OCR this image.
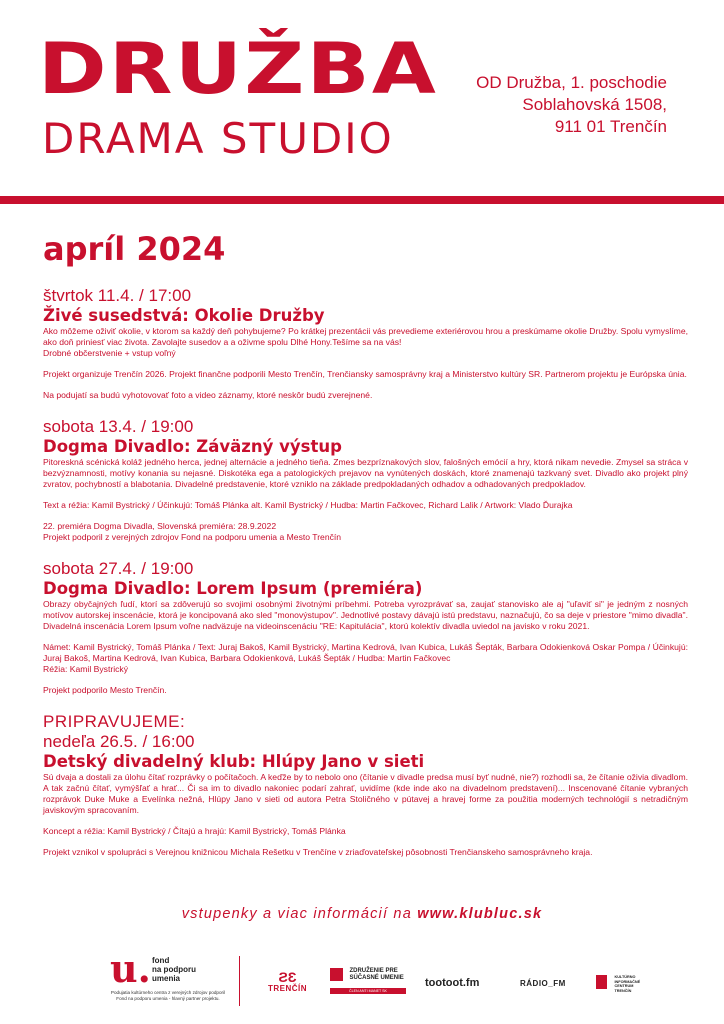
DRUŽBA
DRAMA STUDIO
OD Družba, 1. poschodie
Soblahovská 1508,
911 01 Trenčín
apríl 2024
štvrtok 11.4. / 17:00
Živé susedstvá: Okolie Družby
Ako môžeme oživiť okolie, v ktorom sa každý deň pohybujeme? Po krátkej prezentácii vás prevedieme exteriérovou hrou a preskúmame okolie Družby. Spolu vymyslíme, ako doň priniesť viac života. Zavolajte susedov a a oživme spolu Dlhé Hony.Tešíme sa na vás!
Drobné občerstvenie + vstup voľný
Projekt organizuje Trenčín 2026. Projekt finančne podporili Mesto Trenčín, Trenčiansky samosprávny kraj a Ministerstvo kultúry SR. Partnerom projektu je Európska únia.
Na podujatí sa budú vyhotovovať foto a video záznamy, ktoré neskôr budú zverejnené.
sobota 13.4. / 19:00
Dogma Divadlo: Záväzný výstup
Pitoreskná scénická koláž jedného herca, jednej alternácie a jedného tieňa. Zmes bezpríznakových slov, falošných emócií a hry, ktorá nikam nevedie. Zmysel sa stráca v bezvýznamnosti, motívy konania su nejasné. Diskotéka ega a patologických prejavov na vynútených doskách, ktoré znamenajú tazkvaný svet. Divadlo ako projekt plný zvratov, pochybností a blabotania. Divadelné predstavenie, ktoré vzniklo na základe predpokladaných odhadov a odhadovaných predpokladov.
Text a réžia: Kamil Bystrický / Účinkujú: Tomáš Plánka alt. Kamil Bystrický / Hudba: Martin Fačkovec, Richard Lalik / Artwork: Vlado Ďurajka
22. premiéra Dogma Divadla, Slovenská premiéra: 28.9.2022
Projekt podporil z verejných zdrojov Fond na podporu umenia a Mesto Trenčín
sobota 27.4. / 19:00
Dogma Divadlo: Lorem Ipsum (premiéra)
Obrazy obyčajných ľudí, ktorí sa zdôverujú so svojimi osobnými životnými príbehmi. Potreba vyrozprávať sa, zaujať stanovisko ale aj "uľaviť si" je jedným z nosných motívov autorskej inscenácie, ktorá je koncipovaná ako sled "monovýstupov". Jednotlivé postavy dávajú istú predstavu, naznačujú, čo sa deje v priestore "mimo divadla". Divadelná inscenácia Lorem Ipsum voľne nadväzuje na videoinscenáciu "RE: Kapitulácia", ktorú kolektív divadla uviedol na javisko v roku 2021.
Námet: Kamil Bystrický, Tomáš Plánka / Text: Juraj Bakoš, Kamil Bystrický, Martina Kedrová, Ivan Kubica, Lukáš Šepták, Barbara Odokienková Oskar Pompa / Účinkujú: Juraj Bakoš, Martina Kedrová, Ivan Kubica, Barbara Odokienková, Lukáš Šepták / Hudba: Martin Fačkovec
Réžia: Kamil Bystrický
Projekt podporilo Mesto Trenčín.
PRIPRAVUJEME:
nedeľa 26.5. / 16:00
Detský divadelný klub: Hlúpy Jano v sieti
Sú dvaja a dostali za úlohu čítať rozprávky o počítačoch. A keďže by to nebolo ono (čítanie v divadle predsa musí byť nudné, nie?) rozhodli sa, že čítanie oživia divadlom. A tak začnú čítať, vymýšľať a hrať... Či sa im to divadlo nakoniec podarí zahrať, uvidíme (kde inde ako na divadelnom predstavení)... Inscenované čítanie vybraných rozprávok Duke Muke a Evelínka nežná, Hlúpy Jano v sieti od autora Petra Stoličného v pútavej a hravej forme za použitia moderných technológií s netradičným javiskovým spracovaním.
Koncept a réžia: Kamil Bystrický / Čítajú a hrajú: Kamil Bystrický, Tomáš Plánka
Projekt vznikol v spolupráci s Verejnou knižnicou Michala Rešetku v Trenčíne v zriaďovateľskej pôsobnosti Trenčianskeho samosprávneho kraja.
vstupenky a viac informácií na www.klubluc.sk
u. fond
na podporu
umenia
Podujatia kultúrneho centra z verejných zdrojov podporil
Fond na podporu umenia - hlavný partner projektu.
ƧƐ
TRENČÍN

ZDRUŽENIE PRE
SÚČASNÉ UMENIE
ČLEN ANTI MANET SK
tootoot.fm	RÁDIO_FM

KULTÚRNO
INFORMAČNÉ
CENTRUM
TRENČÍN
